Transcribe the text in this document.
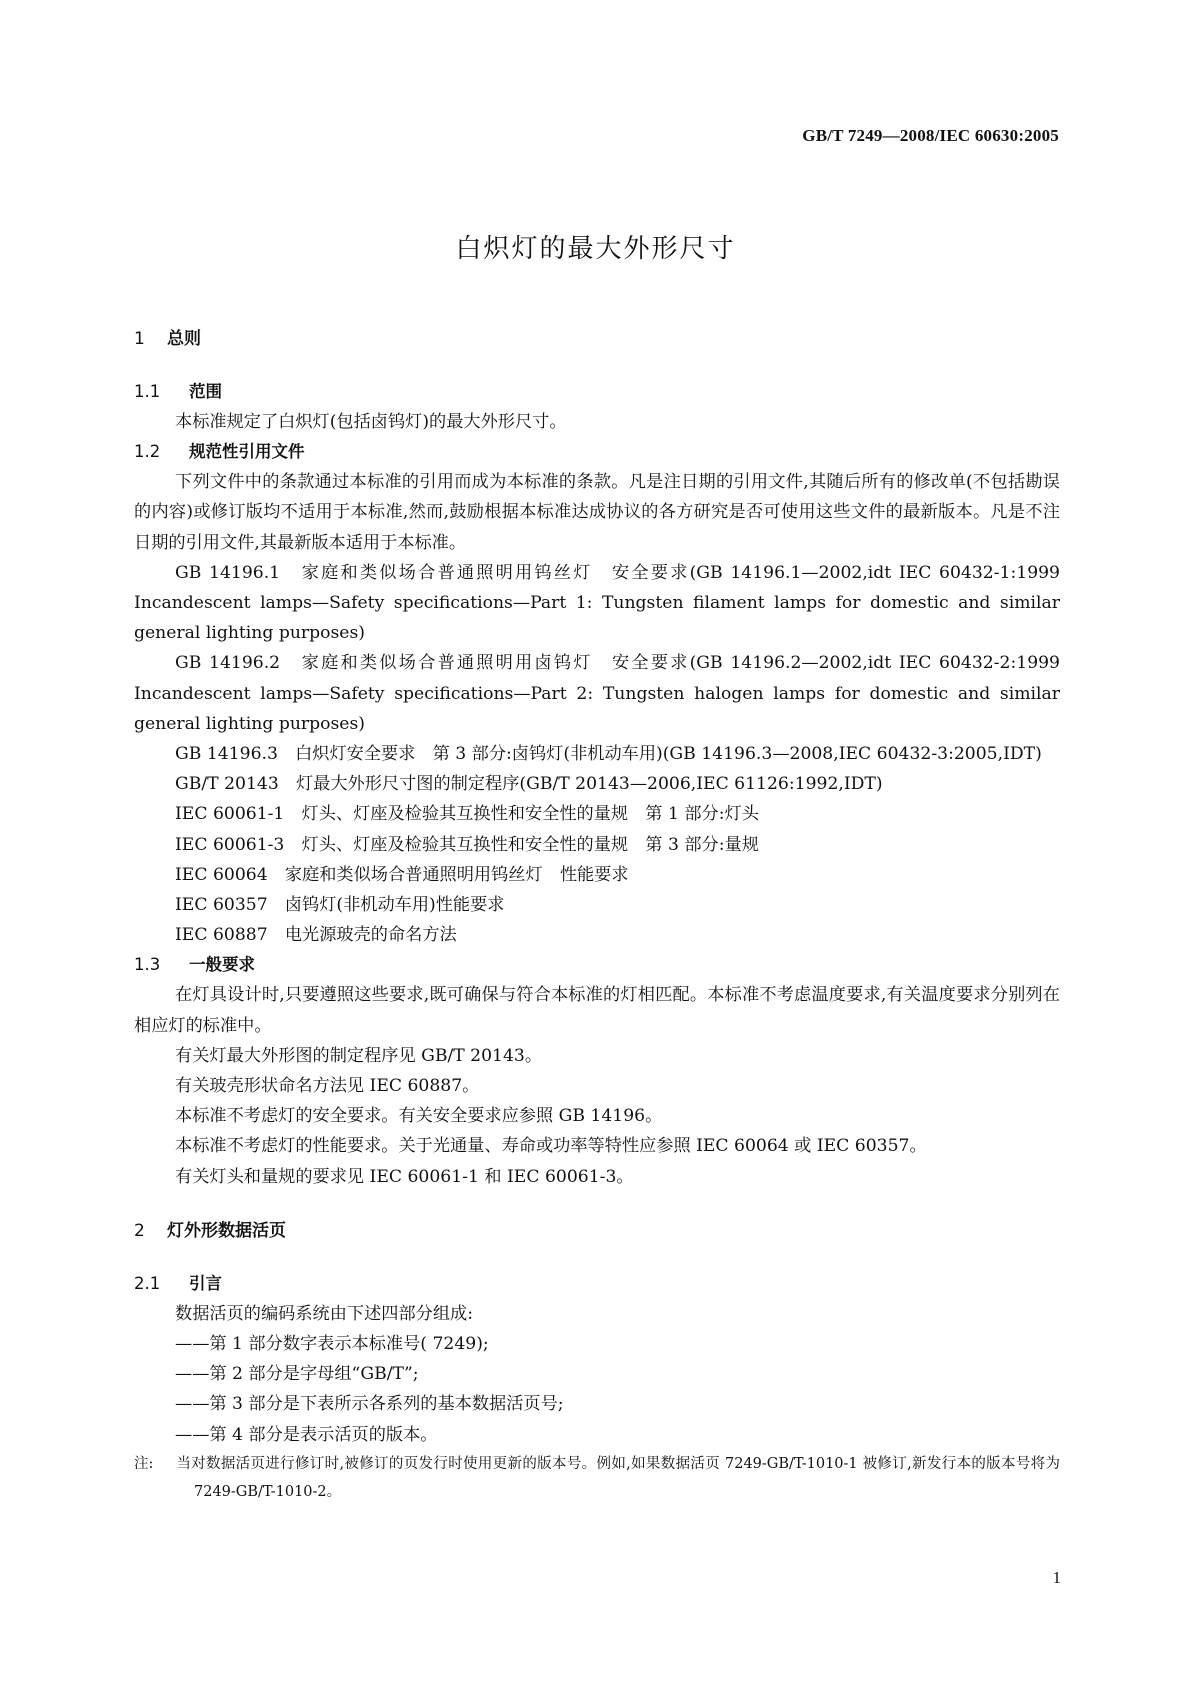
GB/T 7249—2008/IEC 60630:2005
白炽灯的最大外形尺寸
1 总则
1.1 范围

本标准规定了白炽灯(包括卤钨灯)的最大外形尺寸。

1.2 规范性引用文件

下列文件中的条款通过本标准的引用而成为本标准的条款。凡是注日期的引用文件,其随后所有的修改单(不包括勘误的内容)或修订版均不适用于本标准,然而,鼓励根据本标准达成协议的各方研究是否可使用这些文件的最新版本。凡是不注日期的引用文件,其最新版本适用于本标准。

GB 14196.1　家庭和类似场合普通照明用钨丝灯　安全要求(GB 14196.1—2002,idt IEC 60432-1:1999 Incandescent lamps—Safety specifications—Part 1: Tungsten filament lamps for domestic and similar general lighting purposes)

GB 14196.2　家庭和类似场合普通照明用卤钨灯　安全要求(GB 14196.2—2002,idt IEC 60432-2:1999 Incandescent lamps—Safety specifications—Part 2: Tungsten halogen lamps for domestic and similar general lighting purposes)

GB 14196.3　白炽灯安全要求　第 3 部分:卤钨灯(非机动车用)(GB 14196.3—2008,IEC 60432-3:2005,IDT)

GB/T 20143　灯最大外形尺寸图的制定程序(GB/T 20143—2006,IEC 61126:1992,IDT)

IEC 60061-1　灯头、灯座及检验其互换性和安全性的量规　第 1 部分:灯头

IEC 60061-3　灯头、灯座及检验其互换性和安全性的量规　第 3 部分:量规

IEC 60064　家庭和类似场合普通照明用钨丝灯　性能要求

IEC 60357　卤钨灯(非机动车用)性能要求

IEC 60887　电光源玻壳的命名方法

1.3 一般要求

在灯具设计时,只要遵照这些要求,既可确保与符合本标准的灯相匹配。本标准不考虑温度要求,有关温度要求分别列在相应灯的标准中。

有关灯最大外形图的制定程序见 GB/T 20143。

有关玻壳形状命名方法见 IEC 60887。

本标准不考虑灯的安全要求。有关安全要求应参照 GB 14196。

本标准不考虑灯的性能要求。关于光通量、寿命或功率等特性应参照 IEC 60064 或 IEC 60357。

有关灯头和量规的要求见 IEC 60061-1 和 IEC 60061-3。

2 灯外形数据活页
2.1 引言

数据活页的编码系统由下述四部分组成:

——第 1 部分数字表示本标准号( 7249);

——第 2 部分是字母组“GB/T”;

——第 3 部分是下表所示各系列的基本数据活页号;

——第 4 部分是表示活页的版本。

注: 当对数据活页进行修订时,被修订的页发行时使用更新的版本号。例如,如果数据活页 7249-GB/T-1010-1 被修订,新发行本的版本号将为 7249-GB/T-1010-2。

1
